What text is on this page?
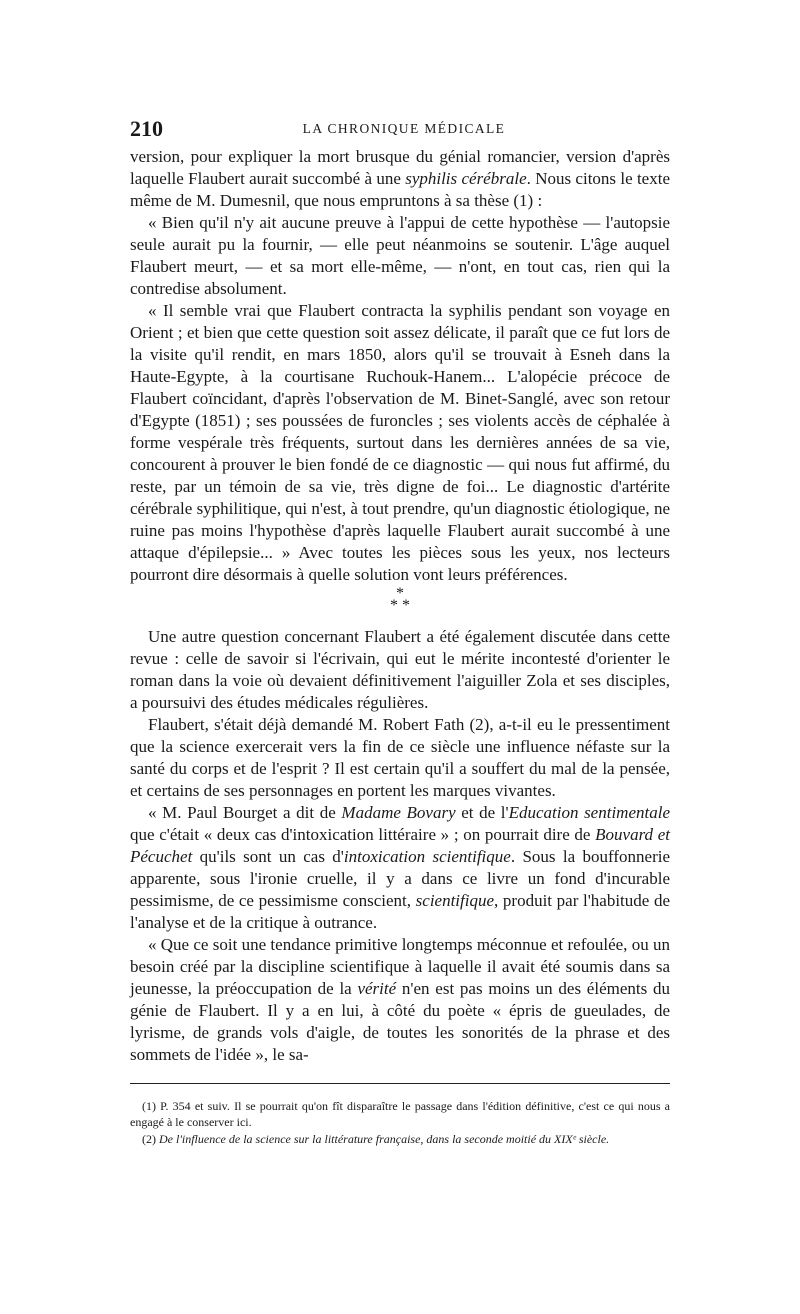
210	LA CHRONIQUE MÉDICALE

version, pour expliquer la mort brusque du génial romancier, version d'après laquelle Flaubert aurait succombé à une syphilis cérébrale. Nous citons le texte même de M. Dumesnil, que nous empruntons à sa thèse (1) :

« Bien qu'il n'y ait aucune preuve à l'appui de cette hypothèse — l'autopsie seule aurait pu la fournir, — elle peut néanmoins se soutenir. L'âge auquel Flaubert meurt, — et sa mort elle-même, — n'ont, en tout cas, rien qui la contredise absolument.

« Il semble vrai que Flaubert contracta la syphilis pendant son voyage en Orient ; et bien que cette question soit assez délicate, il paraît que ce fut lors de la visite qu'il rendit, en mars 1850, alors qu'il se trouvait à Esneh dans la Haute-Egypte, à la courtisane Ruchouk-Hanem... L'alopécie précoce de Flaubert coïncidant, d'après l'observation de M. Binet-Sanglé, avec son retour d'Egypte (1851) ; ses poussées de furoncles ; ses violents accès de céphalée à forme vespérale très fréquents, surtout dans les dernières années de sa vie, concourent à prouver le bien fondé de ce diagnostic — qui nous fut affirmé, du reste, par un témoin de sa vie, très digne de foi... Le diagnostic d'artérite cérébrale syphilitique, qui n'est, à tout prendre, qu'un diagnostic étiologique, ne ruine pas moins l'hypothèse d'après laquelle Flaubert aurait succombé à une attaque d'épilepsie... » Avec toutes les pièces sous les yeux, nos lecteurs pourront dire désormais à quelle solution vont leurs préférences.

*
* *

Une autre question concernant Flaubert a été également discutée dans cette revue : celle de savoir si l'écrivain, qui eut le mérite incontesté d'orienter le roman dans la voie où devaient définitivement l'aiguiller Zola et ses disciples, a poursuivi des études médicales régulières.

Flaubert, s'était déjà demandé M. Robert Fath (2), a-t-il eu le pressentiment que la science exercerait vers la fin de ce siècle une influence néfaste sur la santé du corps et de l'esprit ? Il est certain qu'il a souffert du mal de la pensée, et certains de ses personnages en portent les marques vivantes.

« M. Paul Bourget a dit de Madame Bovary et de l'Education sentimentale que c'était « deux cas d'intoxication littéraire » ; on pourrait dire de Bouvard et Pécuchet qu'ils sont un cas d'intoxication scientifique. Sous la bouffonnerie apparente, sous l'ironie cruelle, il y a dans ce livre un fond d'incurable pessimisme, de ce pessimisme conscient, scientifique, produit par l'habitude de l'analyse et de la critique à outrance.

« Que ce soit une tendance primitive longtemps méconnue et refoulée, ou un besoin créé par la discipline scientifique à laquelle il avait été soumis dans sa jeunesse, la préoccupation de la vérité n'en est pas moins un des éléments du génie de Flaubert. Il y a en lui, à côté du poète « épris de gueulades, de lyrisme, de grands vols d'aigle, de toutes les sonorités de la phrase et des sommets de l'idée », le sa-

(1) P. 354 et suiv. Il se pourrait qu'on fît disparaître le passage dans l'édition définitive, c'est ce qui nous a engagé à le conserver ici.

(2) De l'influence de la science sur la littérature française, dans la seconde moitié du XIXᵉ siècle.
